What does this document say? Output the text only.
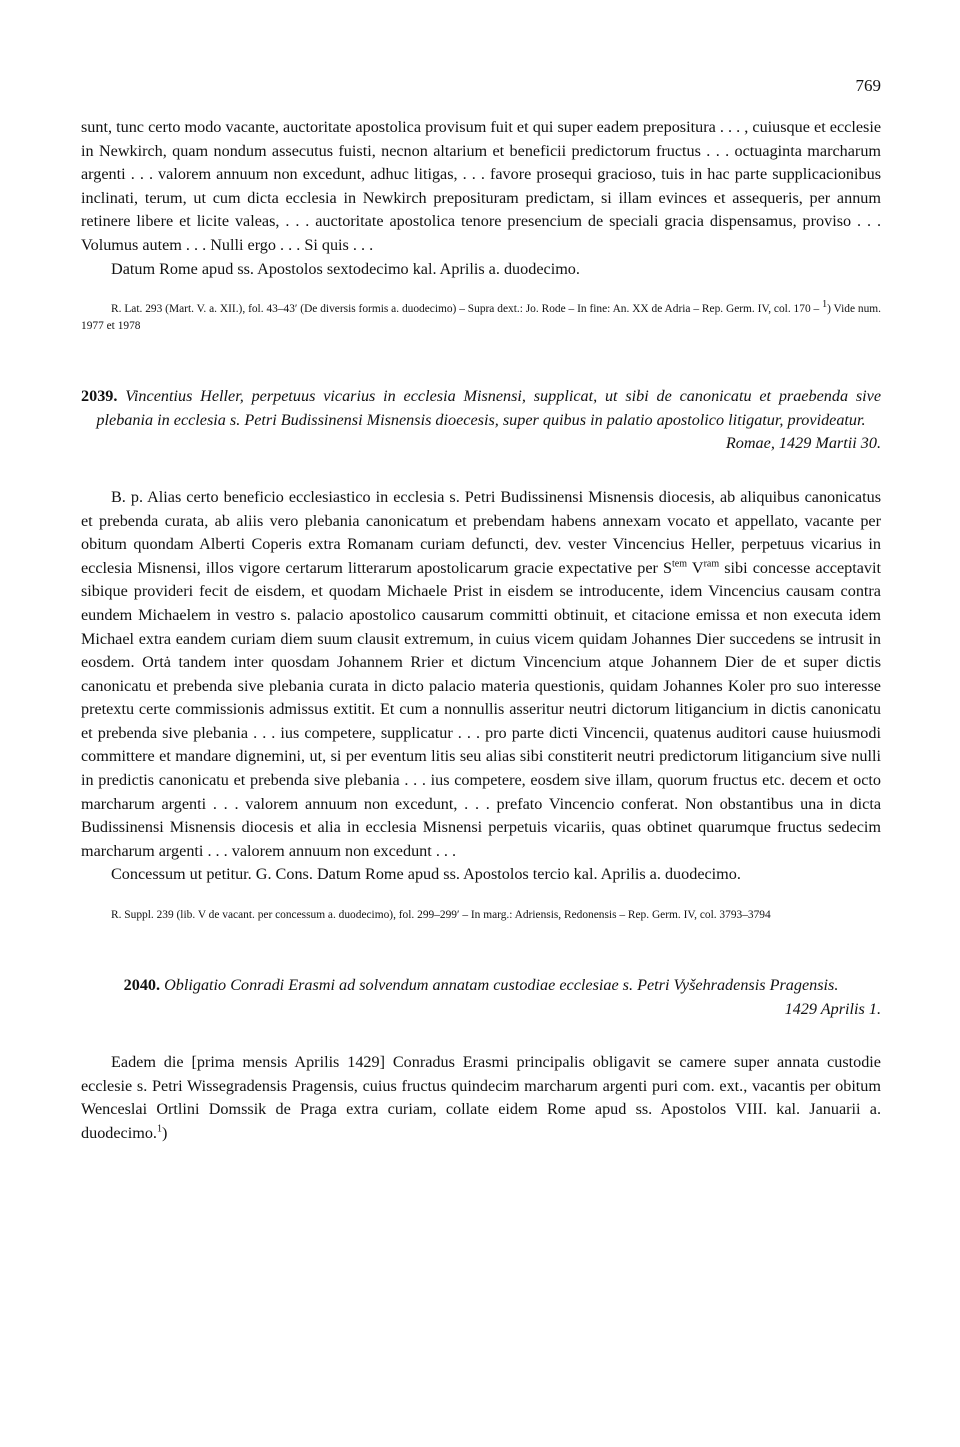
769

sunt, tunc certo modo vacante, auctoritate apostolica provisum fuit et qui super eadem prepositura . . . , cuiusque et ecclesie in Newkirch, quam nondum assecutus fuisti, necnon altarium et beneficii predictorum fructus . . . octuaginta marcharum argenti . . . valorem annuum non excedunt, adhuc litigas, . . . favore prosequi gracioso, tuis in hac parte supplicacionibus inclinati, terum, ut cum dicta ecclesia in Newkirch preposituram predictam, si illam evinces et assequeris, per annum retinere libere et licite valeas, . . . auctoritate apostolica tenore presencium de speciali gracia dispensamus, proviso . . . Volumus autem . . . Nulli ergo . . . Si quis . . .

Datum Rome apud ss. Apostolos sextodecimo kal. Aprilis a. duodecimo.

R. Lat. 293 (Mart. V. a. XII.), fol. 43–43′ (De diversis formis a. duodecimo) – Supra dext.: Jo. Rode – In fine: An. XX de Adria – Rep. Germ. IV, col. 170 – $^1$) Vide num. 1977 et 1978

2039. Vincentius Heller, perpetuus vicarius in ecclesia Misnensi, supplicat, ut sibi de canonicatu et praebenda sive plebania in ecclesia s. Petri Budissinensi Misnensis dioecesis, super quibus in palatio apostolico litigatur, provideatur.

Romae, 1429 Martii 30.

B. p. Alias certo beneficio ecclesiastico in ecclesia s. Petri Budissinensi Misnensis diocesis, ab aliquibus canonicatus et prebenda curata, ab aliis vero plebania canonicatum et prebendam habens annexam vocato et appellato, vacante per obitum quondam Alberti Coperis extra Romanam curiam defuncti, dev. vester Vincencius Heller, perpetuus vicarius in ecclesia Misnensi, illos vigore certarum litterarum apostolicarum gracie expectative per $S^{tem}$ $V^{ram}$ sibi concesse acceptavit sibique provideri fecit de eisdem, et quodam Michaele Prist in eisdem se introducente, idem Vincencius causam contra eundem Michaelem in vestro s. palacio apostolico causarum committi obtinuit, et citacione emissa et non executa idem Michael extra eandem curiam diem suum clausit extremum, in cuius vicem quidam Johannes Dier succedens se intrusit in eosdem. Ortȧ tandem inter quosdam Johannem Rrier et dictum Vincencium atque Johannem Dier de et super dictis canonicatu et prebenda sive plebania curata in dicto palacio materia questionis, quidam Johannes Koler pro suo interesse pretextu certe commissionis admissus extitit. Et cum a nonnullis asseritur neutri dictorum litigancium in dictis canonicatu et prebenda sive plebania . . . ius competere, supplicatur . . . pro parte dicti Vincencii, quatenus auditori cause huiusmodi committere et mandare dignemini, ut, si per eventum litis seu alias sibi constiterit neutri predictorum litigancium sive nulli in predictis canonicatu et prebenda sive plebania . . . ius competere, eosdem sive illam, quorum fructus etc. decem et octo marcharum argenti . . . valorem annuum non excedunt, . . . prefato Vincencio conferat. Non obstantibus una in dicta Budissinensi Misnensis diocesis et alia in ecclesia Misnensi perpetuis vicariis, quas obtinet quarumque fructus sedecim marcharum argenti . . . valorem annuum non excedunt . . .

Concessum ut petitur. G. Cons. Datum Rome apud ss. Apostolos tercio kal. Aprilis a. duodecimo.

R. Suppl. 239 (lib. V de vacant. per concessum a. duodecimo), fol. 299–299′ – In marg.: Adriensis, Redonensis – Rep. Germ. IV, col. 3793–3794

2040. Obligatio Conradi Erasmi ad solvendum annatam custodiae ecclesiae s. Petri Vyšehradensis Pragensis.

1429 Aprilis 1.

Eadem die [prima mensis Aprilis 1429] Conradus Erasmi principalis obligavit se camere super annata custodie ecclesie s. Petri Wissegradensis Pragensis, cuius fructus quindecim marcharum argenti puri com. ext., vacantis per obitum Wenceslai Ortlini Domssik de Praga extra curiam, collate eidem Rome apud ss. Apostolos VIII. kal. Januarii a. duodecimo.$^1$)
